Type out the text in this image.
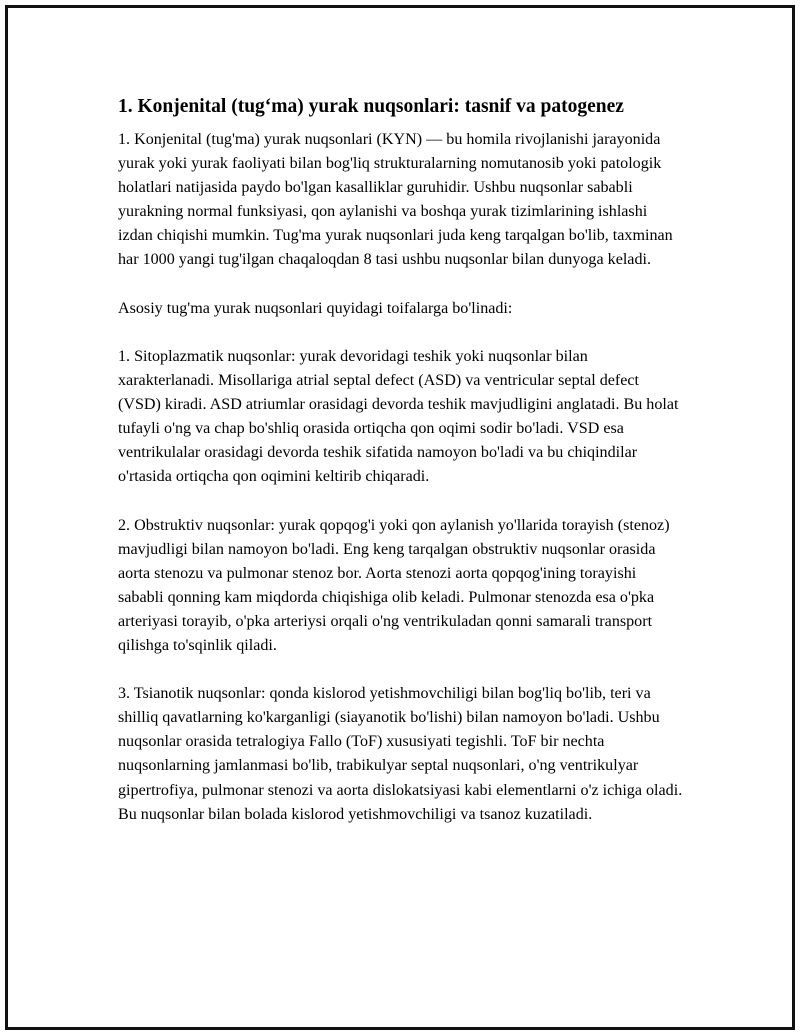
1. Konjenital (tug‘ma) yurak nuqsonlari: tasnif va patogenez

1. Konjenital (tug'ma) yurak nuqsonlari (KYN) — bu homila rivojlanishi jarayonida yurak yoki yurak faoliyati bilan bog'liq strukturalarning nomutanosib yoki patologik holatlari natijasida paydo bo'lgan kasalliklar guruhidir. Ushbu nuqsonlar sababli yurakning normal funksiyasi, qon aylanishi va boshqa yurak tizimlarining ishlashi izdan chiqishi mumkin. Tug'ma yurak nuqsonlari juda keng tarqalgan bo'lib, taxminan har 1000 yangi tug'ilgan chaqaloqdan 8 tasi ushbu nuqsonlar bilan dunyoga keladi.

Asosiy tug'ma yurak nuqsonlari quyidagi toifalarga bo'linadi:

1. Sitoplazmatik nuqsonlar: yurak devoridagi teshik yoki nuqsonlar bilan xarakterlanadi. Misollariga atrial septal defect (ASD) va ventricular septal defect (VSD) kiradi. ASD atriumlar orasidagi devorda teshik mavjudligini anglatadi. Bu holat tufayli o'ng va chap bo'shliq orasida ortiqcha qon oqimi sodir bo'ladi. VSD esa ventrikulalar orasidagi devorda teshik sifatida namoyon bo'ladi va bu chiqindilar o'rtasida ortiqcha qon oqimini keltirib chiqaradi.

2. Obstruktiv nuqsonlar: yurak qopqog'i yoki qon aylanish yo'llarida torayish (stenoz) mavjudligi bilan namoyon bo'ladi. Eng keng tarqalgan obstruktiv nuqsonlar orasida aorta stenozu va pulmonar stenoz bor. Aorta stenozi aorta qopqog'ining torayishi sababli qonning kam miqdorda chiqishiga olib keladi. Pulmonar stenozda esa o'pka arteriyasi torayib, o'pka arteriysi orqali o'ng ventrikuladan qonni samarali transport qilishga to'sqinlik qiladi.

3. Tsianotik nuqsonlar: qonda kislorod yetishmovchiligi bilan bog'liq bo'lib, teri va shilliq qavatlarning ko'karganligi (siayanotik bo'lishi) bilan namoyon bo'ladi. Ushbu nuqsonlar orasida tetralogiya Fallo (ToF) xususiyati tegishli. ToF bir nechta nuqsonlarning jamlanmasi bo'lib, trabikulyar septal nuqsonlari, o'ng ventrikulyar gipertrofiya, pulmonar stenozi va aorta dislokatsiyasi kabi elementlarni o'z ichiga oladi. Bu nuqsonlar bilan bolada kislorod yetishmovchiligi va tsanoz kuzatiladi.
